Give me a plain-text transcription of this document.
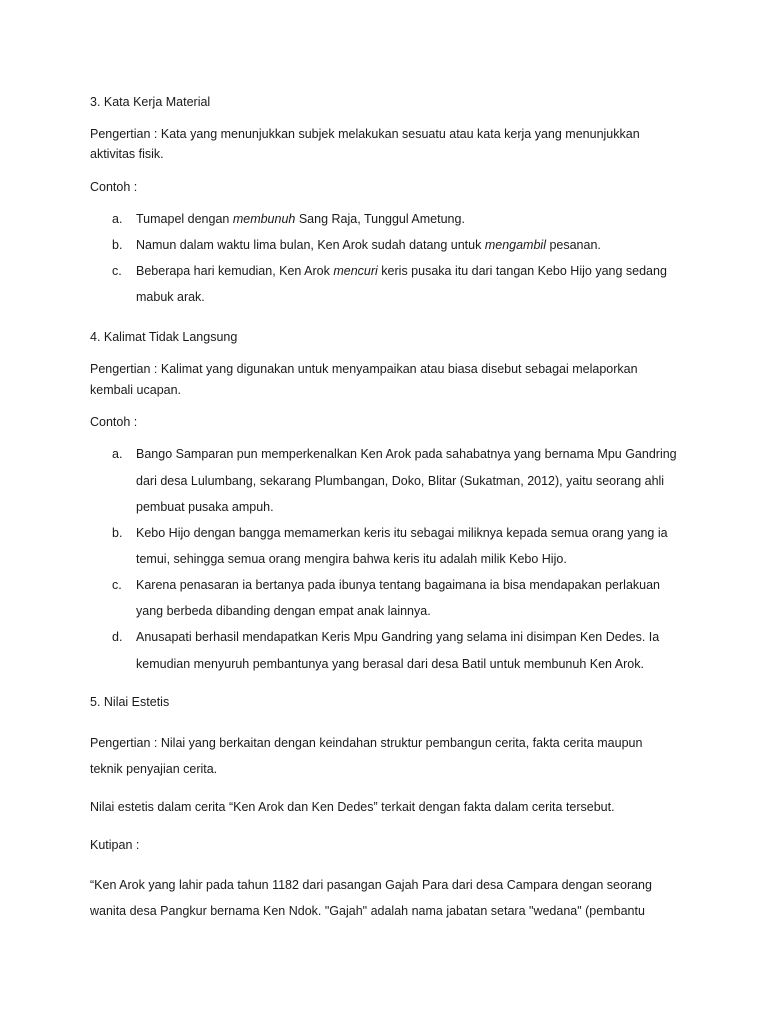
3. Kata Kerja Material
Pengertian : Kata yang menunjukkan subjek melakukan sesuatu atau kata kerja yang menunjukkan
aktivitas fisik.
Contoh :
a. Tumapel dengan membunuh Sang Raja, Tunggul Ametung.
b. Namun dalam waktu lima bulan, Ken Arok sudah datang untuk mengambil pesanan.
c. Beberapa hari kemudian, Ken Arok mencuri keris pusaka itu dari tangan Kebo Hijo yang sedang
mabuk arak.
4. Kalimat Tidak Langsung
Pengertian : Kalimat yang digunakan untuk menyampaikan atau biasa disebut sebagai melaporkan
kembali ucapan.
Contoh :
a. Bango Samparan pun memperkenalkan Ken Arok pada sahabatnya yang bernama Mpu Gandring
dari desa Lulumbang, sekarang Plumbangan, Doko, Blitar (Sukatman, 2012), yaitu seorang ahli
pembuat pusaka ampuh.
b. Kebo Hijo dengan bangga memamerkan keris itu sebagai miliknya kepada semua orang yang ia
temui, sehingga semua orang mengira bahwa keris itu adalah milik Kebo Hijo.
c. Karena penasaran ia bertanya pada ibunya tentang bagaimana ia bisa mendapakan perlakuan
yang berbeda dibanding dengan empat anak lainnya.
d. Anusapati berhasil mendapatkan Keris Mpu Gandring yang selama ini disimpan Ken Dedes. Ia
kemudian menyuruh pembantunya yang berasal dari desa Batil untuk membunuh Ken Arok.
5. Nilai Estetis
Pengertian : Nilai yang berkaitan dengan keindahan struktur pembangun cerita, fakta cerita maupun
teknik penyajian cerita.
Nilai estetis dalam cerita “Ken Arok dan Ken Dedes” terkait dengan fakta dalam cerita tersebut.
Kutipan :
“Ken Arok yang lahir pada tahun 1182 dari pasangan Gajah Para dari desa Campara dengan seorang
wanita desa Pangkur bernama Ken Ndok. "Gajah" adalah nama jabatan setara "wedana" (pembantu
